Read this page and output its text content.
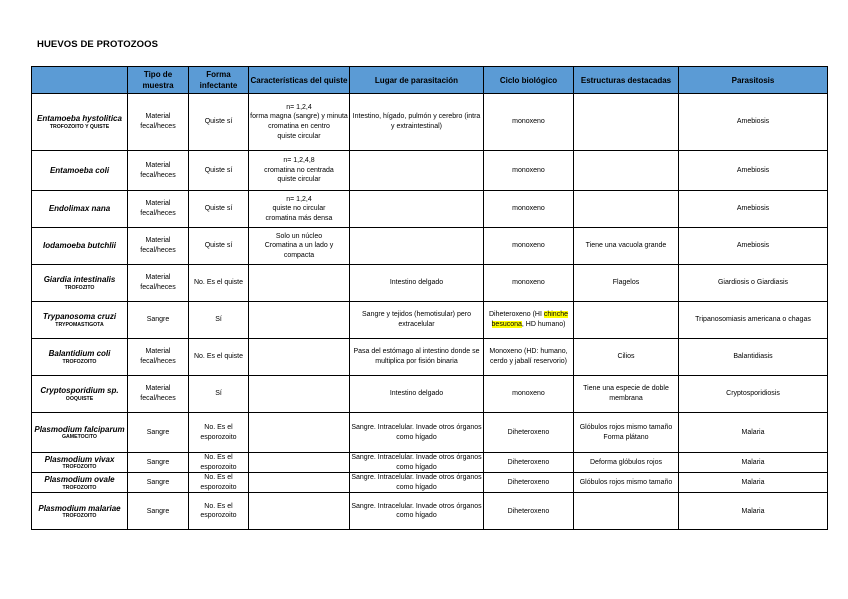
HUEVOS DE PROTOZOOS
	Tipo de muestra	Forma infectante	Características del quiste	Lugar de parasitación	Ciclo biológico	Estructuras destacadas	Parasitosis
Entamoeba hystolitica
TROFOZOITO Y QUISTE	Material fecal/heces	Quiste sí	n= 1,2,4
forma magna (sangre) y minuta
cromatina en centro
quiste circular	Intestino, hígado, pulmón y cerebro (intra y extraintestinal)	monoxeno		Amebiosis
Entamoeba coli	Material fecal/heces	Quiste sí	n= 1,2,4,8
cromatina no centrada
quiste circular		monoxeno		Amebiosis
Endolimax nana	Material fecal/heces	Quiste sí	n= 1,2,4
quiste no circular
cromatina más densa		monoxeno		Amebiosis
Iodamoeba butchlii	Material fecal/heces	Quiste sí	Solo un núcleo
Cromatina a un lado y compacta		monoxeno	Tiene una vacuola grande	Amebiosis
Giardia intestinalis
TROFOZITO	Material fecal/heces	No. Es el quiste		Intestino delgado	monoxeno	Flagelos	Giardiosis o Giardiasis
Trypanosoma cruzi
TRYPOMASTIGOTA	Sangre	Sí		Sangre y tejidos (hemotisular) pero extracelular	Diheteroxeno (HI chinche besucona, HD humano)		Tripanosomiasis americana o chagas
Balantidium coli
TROFOZOITO	Material fecal/heces	No. Es el quiste		Pasa del estómago al intestino donde se multiplica por fisión binaria	Monoxeno (HD: humano, cerdo y jabalí reservorio)	Cilios	Balantidiasis
Cryptosporidium sp.
OOQUISTE	Material fecal/heces	Sí		Intestino delgado	monoxeno	Tiene una especie de doble membrana	Cryptosporidiosis
Plasmodium falciparum
GAMETOCITO	Sangre	No. Es el esporozoito		Sangre. Intracelular. Invade otros órganos como hígado	Diheteroxeno	Glóbulos rojos mismo tamaño
Forma plátano	Malaria
Plasmodium vivax
TROFOZOITO	Sangre	No. Es el esporozoito		Sangre. Intracelular. Invade otros órganos como hígado	Diheteroxeno	Deforma glóbulos rojos	Malaria
Plasmodium ovale
TROFOZOITO	Sangre	No. Es el esporozoito		Sangre. Intracelular. Invade otros órganos como hígado	Diheteroxeno	Glóbulos rojos mismo tamaño	Malaria
Plasmodium malariae
TROFOZOITO	Sangre	No. Es el esporozoito		Sangre. Intracelular. Invade otros órganos como hígado	Diheteroxeno		Malaria
